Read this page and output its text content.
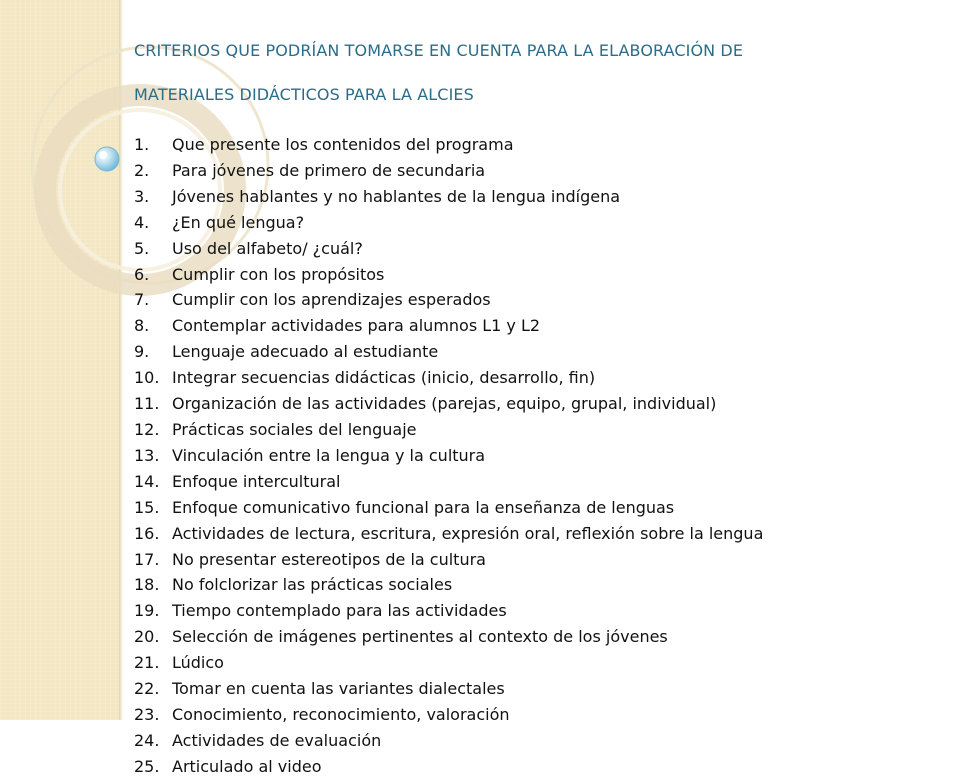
CRITERIOS QUE PODRÍAN TOMARSE EN CUENTA PARA LA ELABORACIÓN DE

MATERIALES DIDÁCTICOS PARA LA ALCIES

1.	Que presente los contenidos del programa
2.	Para jóvenes de primero de secundaria
3.	Jóvenes hablantes y no hablantes de la lengua indígena
4.	¿En qué lengua?
5.	Uso del alfabeto/ ¿cuál?
6.	Cumplir con los propósitos
7.	Cumplir con los aprendizajes esperados
8.	Contemplar actividades para alumnos L1 y L2
9.	Lenguaje adecuado al estudiante
10. Integrar secuencias didácticas (inicio, desarrollo, fin)
11. Organización de las actividades (parejas, equipo, grupal, individual)
12. Prácticas sociales del lenguaje
13. Vinculación entre la lengua y la cultura
14. Enfoque intercultural
15. Enfoque comunicativo funcional para la enseñanza de lenguas
16. Actividades de lectura, escritura, expresión oral, reflexión sobre la lengua
17. No presentar estereotipos de la cultura
18. No folclorizar las prácticas sociales
19. Tiempo contemplado para las actividades
20. Selección de imágenes pertinentes al contexto de los jóvenes
21. Lúdico
22. Tomar en cuenta las variantes dialectales
23. Conocimiento, reconocimiento, valoración
24. Actividades de evaluación
25. Articulado al video
